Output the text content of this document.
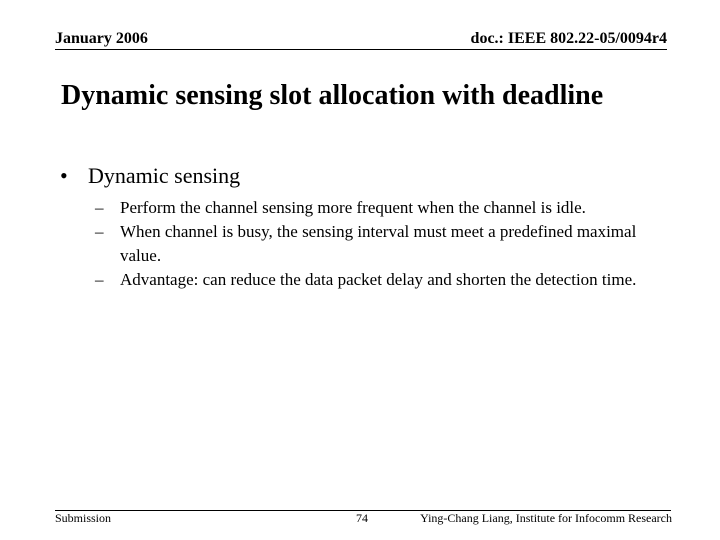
January 2006	doc.: IEEE 802.22-05/0094r4
Dynamic sensing slot allocation with deadline
• Dynamic sensing
– Perform the channel sensing more frequent when the channel is idle.
– When channel is busy, the sensing interval must meet a predefined maximal value.
– Advantage: can reduce the data packet delay and shorten the detection time.
Submission	74	Ying-Chang Liang, Institute for Infocomm Research
